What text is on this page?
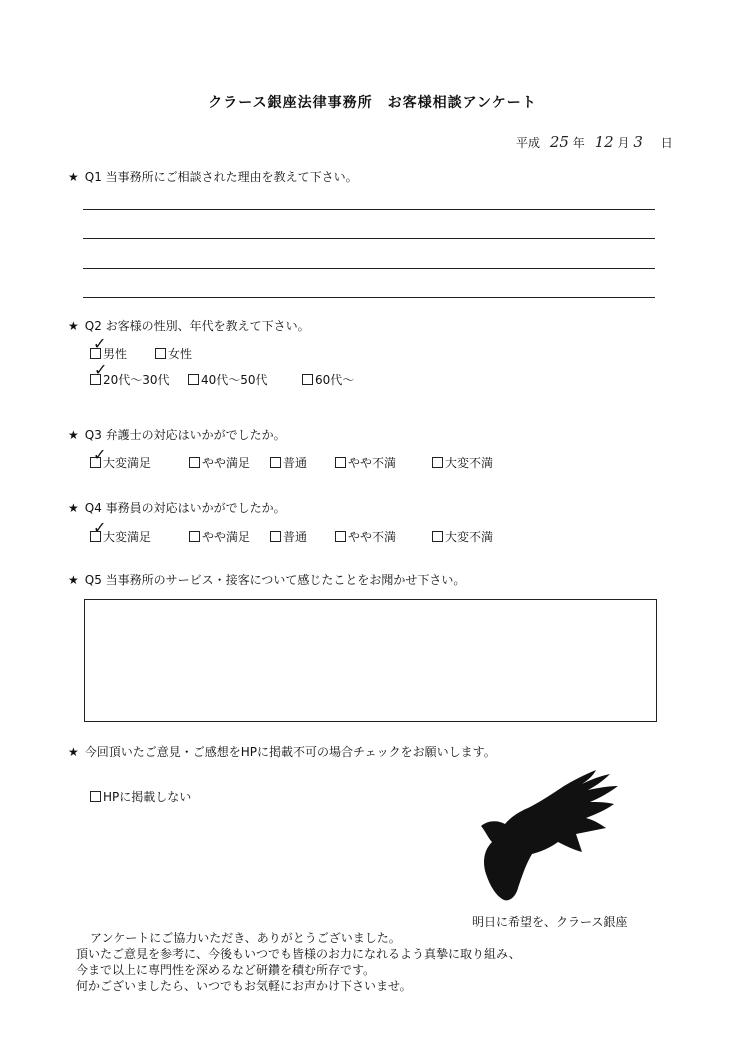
クラース銀座法律事務所　お客様相談アンケート
平成 25 年 12 月 3 日
★ Q1 当事務所にご相談された理由を教えて下さい。
★ Q2 お客様の性別、年代を教えて下さい。
男性
✓
女性
20代～30代
✓
40代～50代	60代～
★ Q3 弁護士の対応はいかがでしたか。
大変満足
✓	やや満足	普通	やや不満	大変不満
★ Q4 事務員の対応はいかがでしたか。
大変満足
✓	やや満足	普通	やや不満	大変不満
★ Q5 当事務所のサービス・接客について感じたことをお聞かせ下さい。
★ 今回頂いたご意見・ご感想をHPに掲載不可の場合チェックをお願いします。
HPに掲載しない
明日に希望を、クラース銀座
アンケートにご協力いただき、ありがとうございました。
頂いたご意見を参考に、今後もいつでも皆様のお力になれるよう真摯に取り組み、
今まで以上に専門性を深めるなど研鑽を積む所存です。
何かございましたら、いつでもお気軽にお声かけ下さいませ。
